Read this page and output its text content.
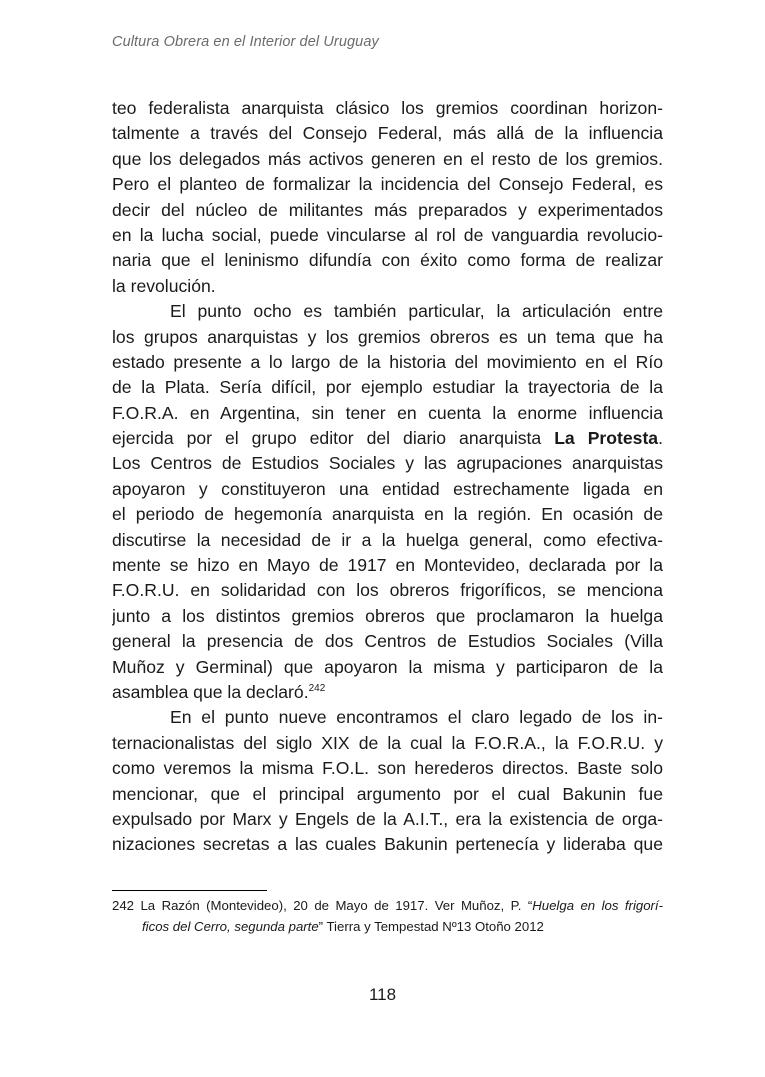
Cultura Obrera en el Interior del Uruguay
teo federalista anarquista clásico los gremios coordinan horizon-
talmente a través del Consejo Federal, más allá de la influencia
que los delegados más activos generen en el resto de los gremios.
Pero el planteo de formalizar la incidencia del Consejo Federal, es
decir del núcleo de militantes más preparados y experimentados
en la lucha social, puede vincularse al rol de vanguardia revolucio-
naria que el leninismo difundía con éxito como forma de realizar
la revolución.
El punto ocho es también particular, la articulación entre
los grupos anarquistas y los gremios obreros es un tema que ha
estado presente a lo largo de la historia del movimiento en el Río
de la Plata. Sería difícil, por ejemplo estudiar la trayectoria de la
F.O.R.A. en Argentina, sin tener en cuenta la enorme influencia
ejercida por el grupo editor del diario anarquista La Protesta.
Los Centros de Estudios Sociales y las agrupaciones anarquistas
apoyaron y constituyeron una entidad estrechamente ligada en
el periodo de hegemonía anarquista en la región. En ocasión de
discutirse la necesidad de ir a la huelga general, como efectiva-
mente se hizo en Mayo de 1917 en Montevideo, declarada por la
F.O.R.U. en solidaridad con los obreros frigoríficos, se menciona
junto a los distintos gremios obreros que proclamaron la huelga
general la presencia de dos Centros de Estudios Sociales (Villa
Muñoz y Germinal) que apoyaron la misma y participaron de la
asamblea que la declaró.$^{242}$
En el punto nueve encontramos el claro legado de los in-
ternacionalistas del siglo XIX de la cual la F.O.R.A., la F.O.R.U. y
como veremos la misma F.O.L. son herederos directos. Baste solo
mencionar, que el principal argumento por el cual Bakunin fue
expulsado por Marx y Engels de la A.I.T., era la existencia de orga-
nizaciones secretas a las cuales Bakunin pertenecía y lideraba que
242 La Razón (Montevideo), 20 de Mayo de 1917. Ver Muñoz, P. “Huelga en los frigorí-
ficos del Cerro, segunda parte” Tierra y Tempestad Nº13 Otoño 2012
118
